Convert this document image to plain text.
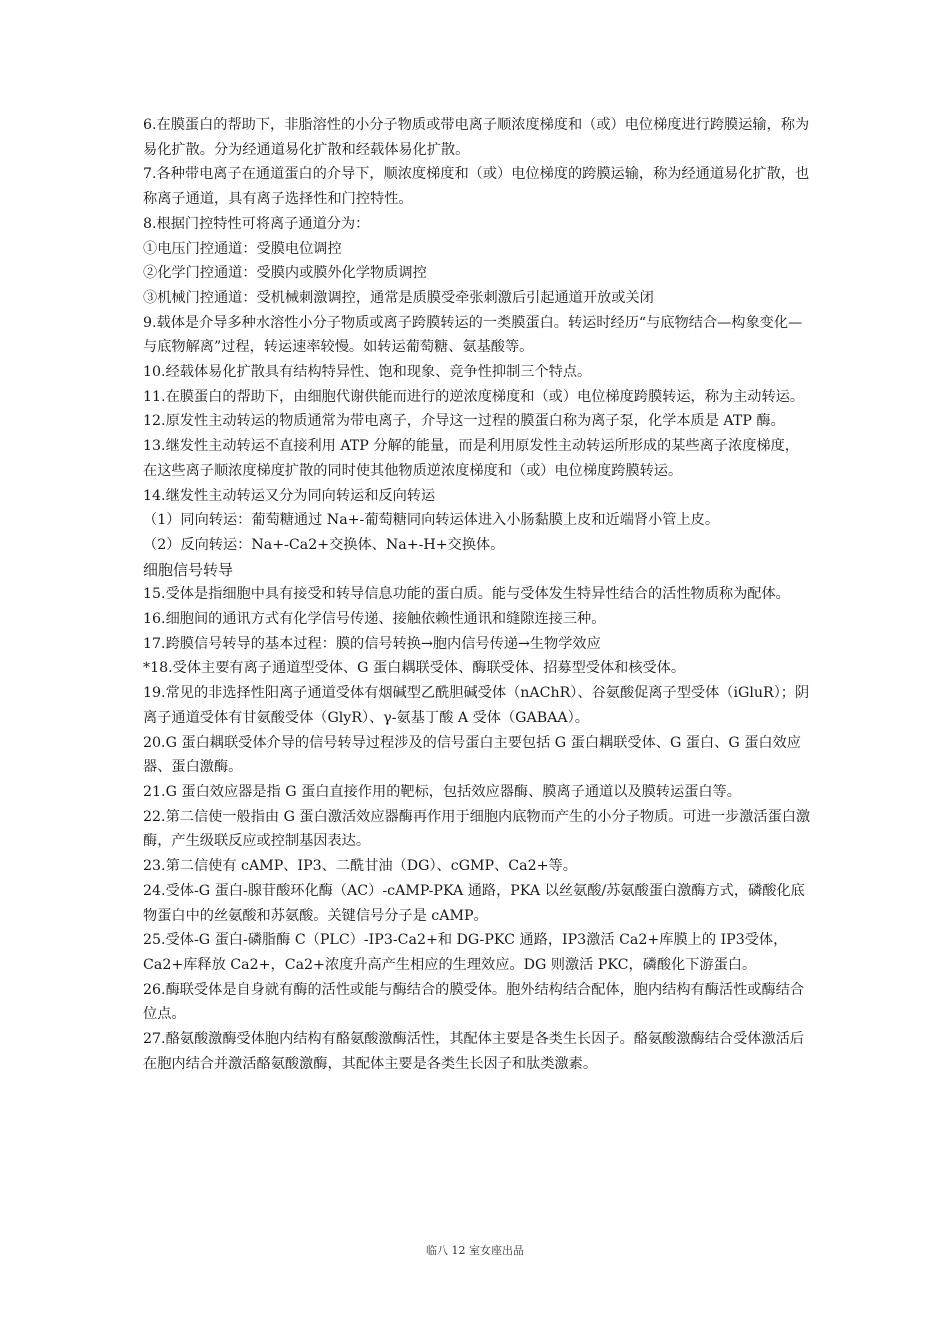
6.在膜蛋白的帮助下，非脂溶性的小分子物质或带电离子顺浓度梯度和（或）电位梯度进行跨膜运输，称为易化扩散。分为经通道易化扩散和经载体易化扩散。

7.各种带电离子在通道蛋白的介导下，顺浓度梯度和（或）电位梯度的跨膜运输，称为经通道易化扩散，也称离子通道，具有离子选择性和门控特性。

8.根据门控特性可将离子通道分为：

①电压门控通道：受膜电位调控

②化学门控通道：受膜内或膜外化学物质调控

③机械门控通道：受机械刺激调控，通常是质膜受牵张刺激后引起通道开放或关闭

9.载体是介导多种水溶性小分子物质或离子跨膜转运的一类膜蛋白。转运时经历“与底物结合—构象变化—与底物解离”过程，转运速率较慢。如转运葡萄糖、氨基酸等。

10.经载体易化扩散具有结构特异性、饱和现象、竞争性抑制三个特点。

11.在膜蛋白的帮助下，由细胞代谢供能而进行的逆浓度梯度和（或）电位梯度跨膜转运，称为主动转运。

12.原发性主动转运的物质通常为带电离子，介导这一过程的膜蛋白称为离子泵，化学本质是 ATP 酶。

13.继发性主动转运不直接利用 ATP 分解的能量，而是利用原发性主动转运所形成的某些离子浓度梯度，在这些离子顺浓度梯度扩散的同时使其他物质逆浓度梯度和（或）电位梯度跨膜转运。

14.继发性主动转运又分为同向转运和反向转运

（1）同向转运：葡萄糖通过 Na+-葡萄糖同向转运体进入小肠黏膜上皮和近端肾小管上皮。

（2）反向转运：Na+-Ca2+交换体、Na+-H+交换体。

细胞信号转导

15.受体是指细胞中具有接受和转导信息功能的蛋白质。能与受体发生特异性结合的活性物质称为配体。

16.细胞间的通讯方式有化学信号传递、接触依赖性通讯和缝隙连接三种。

17.跨膜信号转导的基本过程：膜的信号转换→胞内信号传递→生物学效应

*18.受体主要有离子通道型受体、G 蛋白耦联受体、酶联受体、招募型受体和核受体。

19.常见的非选择性阳离子通道受体有烟碱型乙酰胆碱受体（nAChR）、谷氨酸促离子型受体（iGluR）；阴离子通道受体有甘氨酸受体（GlyR）、γ-氨基丁酸 A 受体（GABAA）。

20.G 蛋白耦联受体介导的信号转导过程涉及的信号蛋白主要包括 G 蛋白耦联受体、G 蛋白、G 蛋白效应器、蛋白激酶。

21.G 蛋白效应器是指 G 蛋白直接作用的靶标，包括效应器酶、膜离子通道以及膜转运蛋白等。

22.第二信使一般指由 G 蛋白激活效应器酶再作用于细胞内底物而产生的小分子物质。可进一步激活蛋白激酶，产生级联反应或控制基因表达。

23.第二信使有 cAMP、IP3、二酰甘油（DG）、cGMP、Ca2+等。

24.受体-G 蛋白-腺苷酸环化酶（AC）-cAMP-PKA 通路，PKA 以丝氨酸/苏氨酸蛋白激酶方式，磷酸化底物蛋白中的丝氨酸和苏氨酸。关键信号分子是 cAMP。

25.受体-G 蛋白-磷脂酶 C（PLC）-IP3-Ca2+和 DG-PKC 通路，IP3激活 Ca2+库膜上的 IP3受体，Ca2+库释放 Ca2+，Ca2+浓度升高产生相应的生理效应。DG 则激活 PKC，磷酸化下游蛋白。

26.酶联受体是自身就有酶的活性或能与酶结合的膜受体。胞外结构结合配体，胞内结构有酶活性或酶结合位点。

27.酪氨酸激酶受体胞内结构有酪氨酸激酶活性，其配体主要是各类生长因子。酪氨酸激酶结合受体激活后在胞内结合并激活酪氨酸激酶，其配体主要是各类生长因子和肽类激素。

临八 12 室女座出品
